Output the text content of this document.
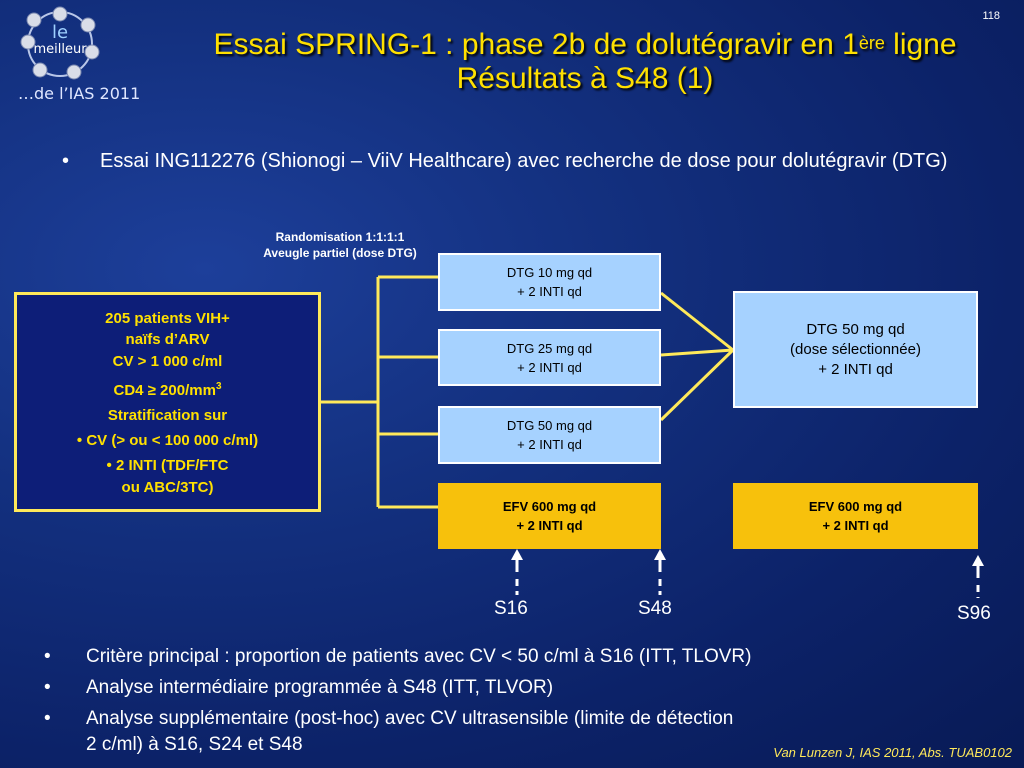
le
meilleur
…de l’IAS 2011
118
Essai SPRING-1 : phase 2b de dolutégravir en 1ère ligne
Résultats à S48 (1)
• Essai ING112276 (Shionogi – ViiV Healthcare) avec recherche de dose pour dolutégravir (DTG)
Randomisation 1:1:1:1
Aveugle partiel (dose DTG)
205 patients VIH+
naïfs d’ARV
CV > 1 000 c/ml
$CD4 \ge 200/mm^3$
Stratification sur
• CV (> ou < 100 000 c/ml)
• 2 INTI (TDF/FTC
ou ABC/3TC)
DTG 10 mg qd
+ 2 INTI qd
DTG 25 mg qd
+ 2 INTI qd
DTG 50 mg qd
+ 2 INTI qd
EFV 600 mg qd
+ 2 INTI qd
DTG 50 mg qd
(dose sélectionnée)
+ 2 INTI qd
EFV 600 mg qd
+ 2 INTI qd
S16	S48	S96
• Critère principal : proportion de patients avec CV < 50 c/ml à S16 (ITT, TLOVR)
• Analyse intermédiaire programmée à S48 (ITT, TLVOR)
• Analyse supplémentaire (post-hoc) avec CV ultrasensible (limite de détection
2 c/ml) à S16, S24 et S48	Van Lunzen J, IAS 2011, Abs. TUAB0102
